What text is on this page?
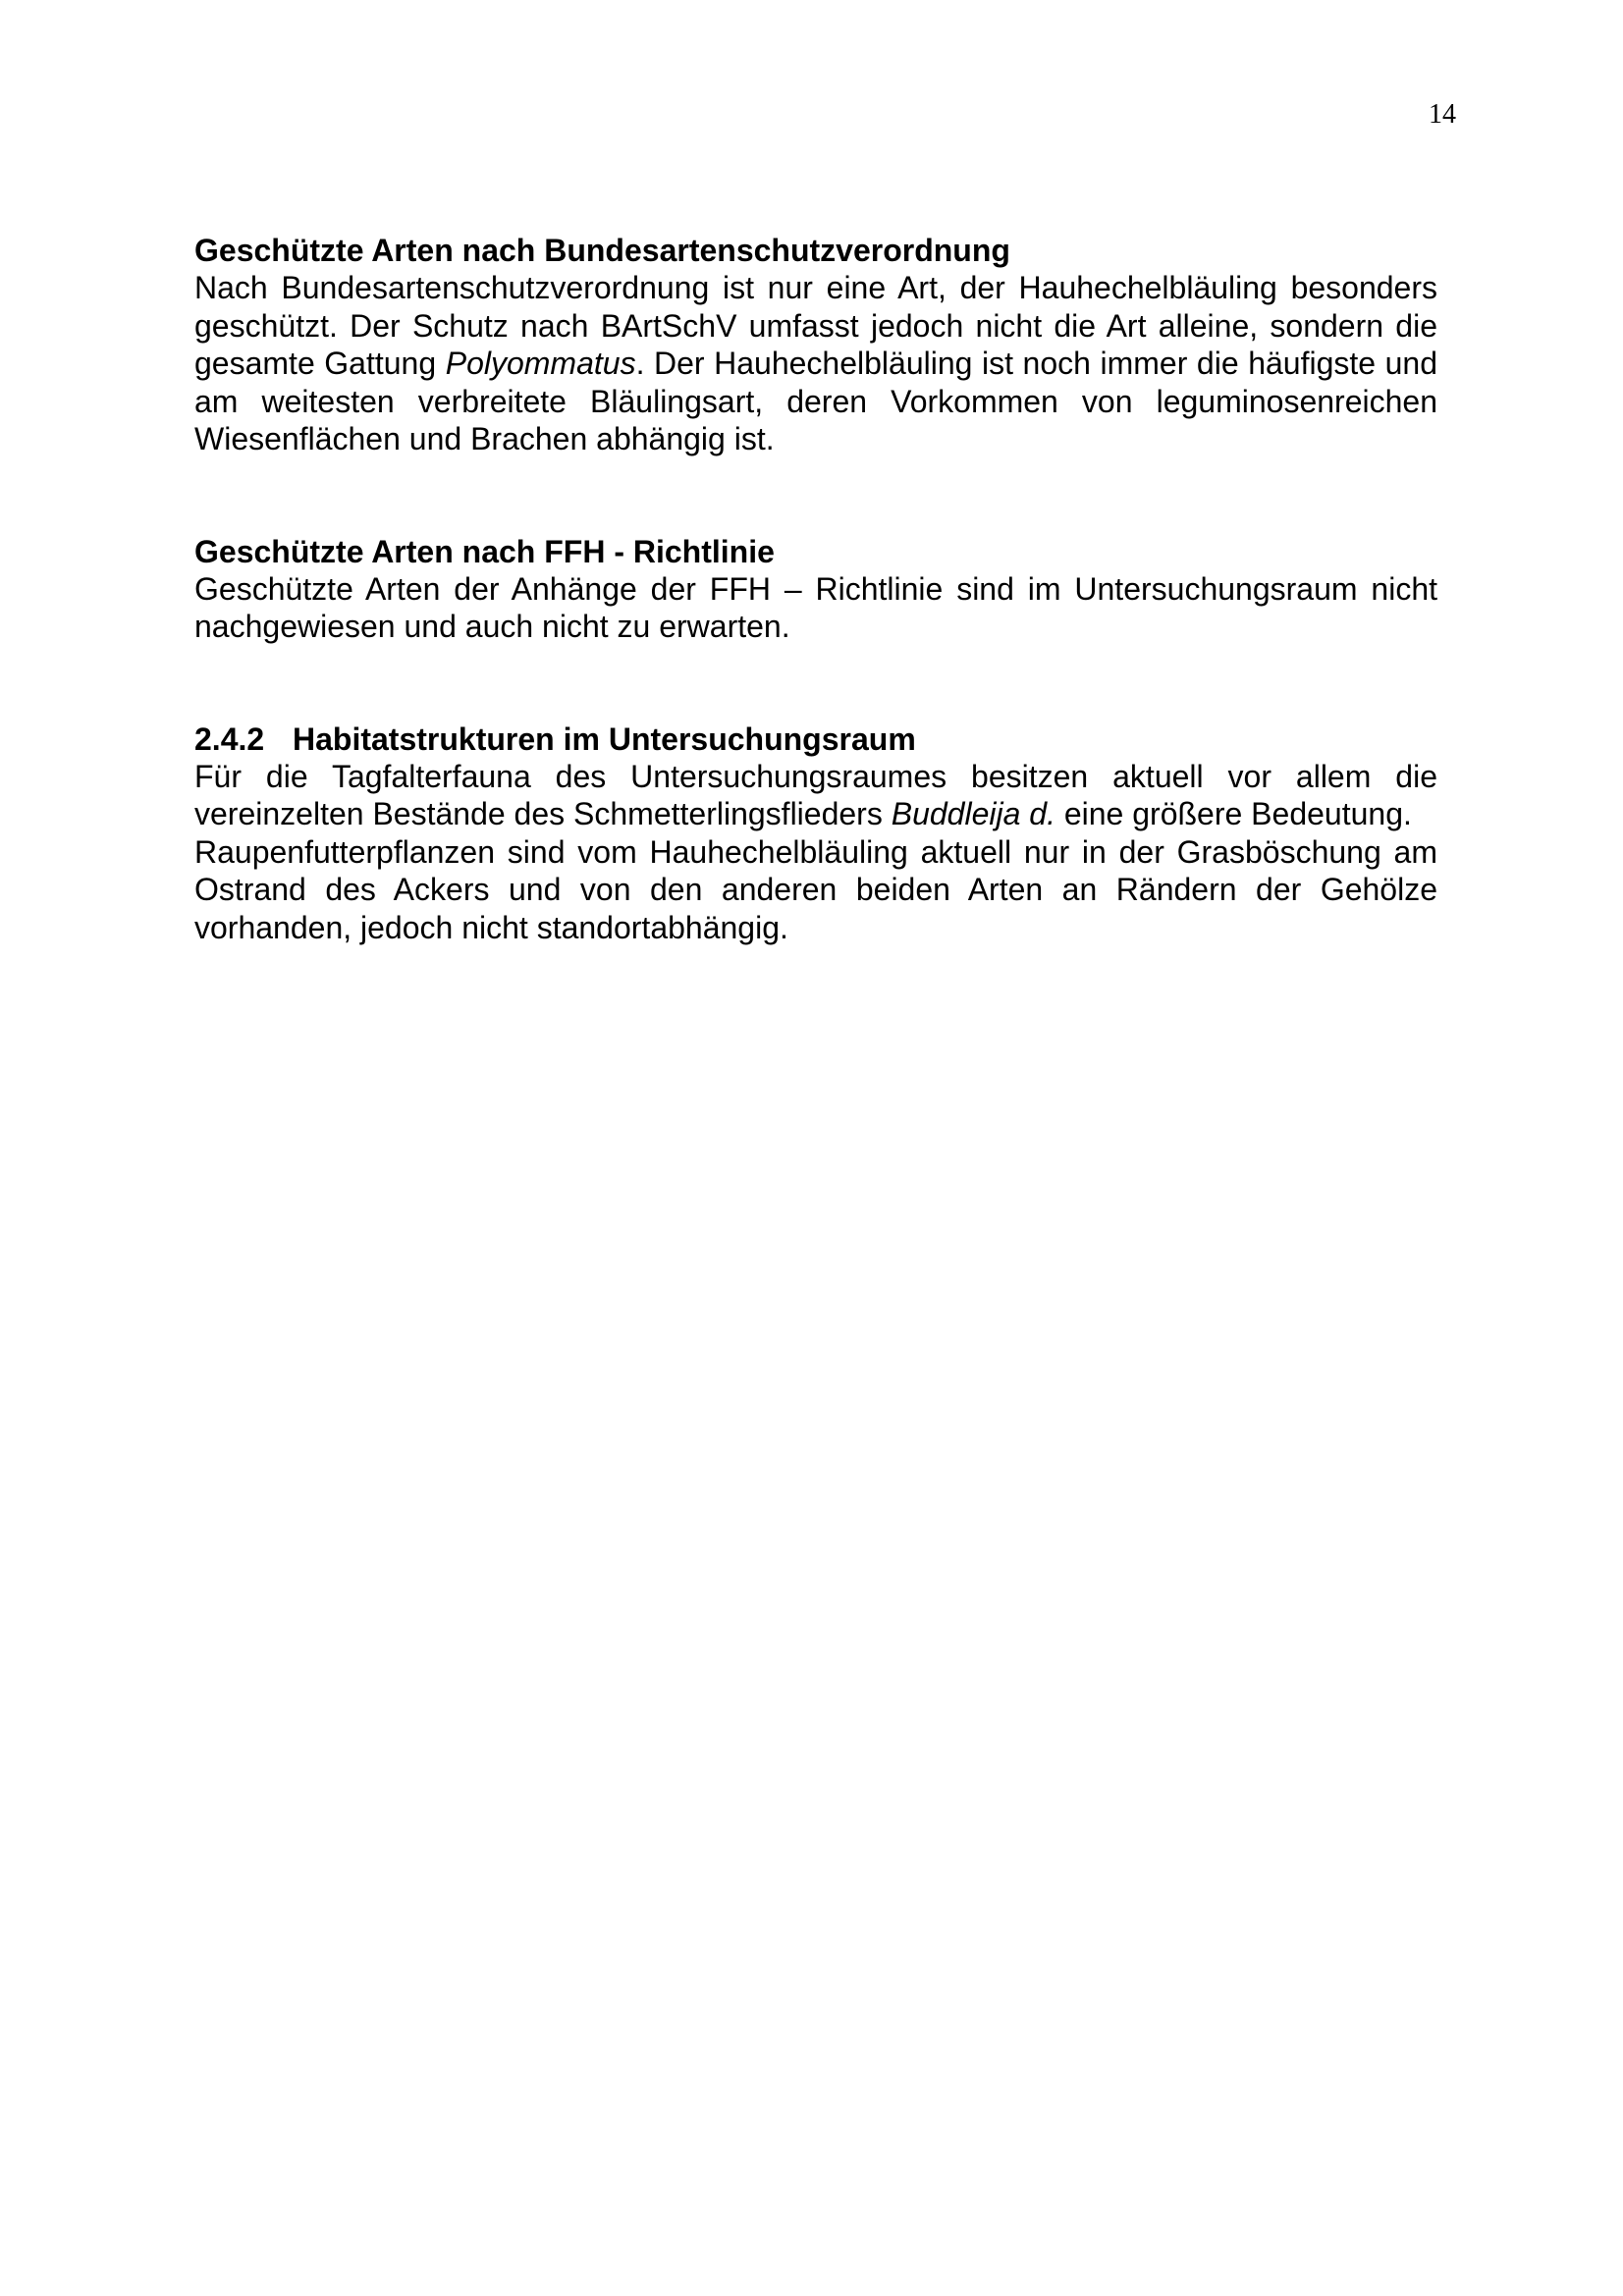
14
Geschützte Arten nach Bundesartenschutzverordnung

Nach Bundesartenschutzverordnung ist nur eine Art, der Hauhechelbläuling besonders geschützt. Der Schutz nach BArtSchV umfasst jedoch nicht die Art alleine, sondern die gesamte Gattung Polyommatus. Der Hauhechelbläuling ist noch immer die häufigste und am weitesten verbreitete Bläulingsart, deren Vorkommen von leguminosenreichen Wiesenflächen und Brachen abhängig ist.

Geschützte Arten nach FFH - Richtlinie

Geschützte Arten der Anhänge der FFH – Richtlinie sind im Untersuchungsraum nicht nachgewiesen und auch nicht zu erwarten.

2.4.2 Habitatstrukturen im Untersuchungsraum

Für die Tagfalterfauna des Untersuchungsraumes besitzen aktuell vor allem die vereinzelten Bestände des Schmetterlingsflieders Buddleija d. eine größere Bedeutung.

Raupenfutterpflanzen sind vom Hauhechelbläuling aktuell nur in der Grasböschung am Ostrand des Ackers und von den anderen beiden Arten an Rändern der Gehölze vorhanden, jedoch nicht standortabhängig.
